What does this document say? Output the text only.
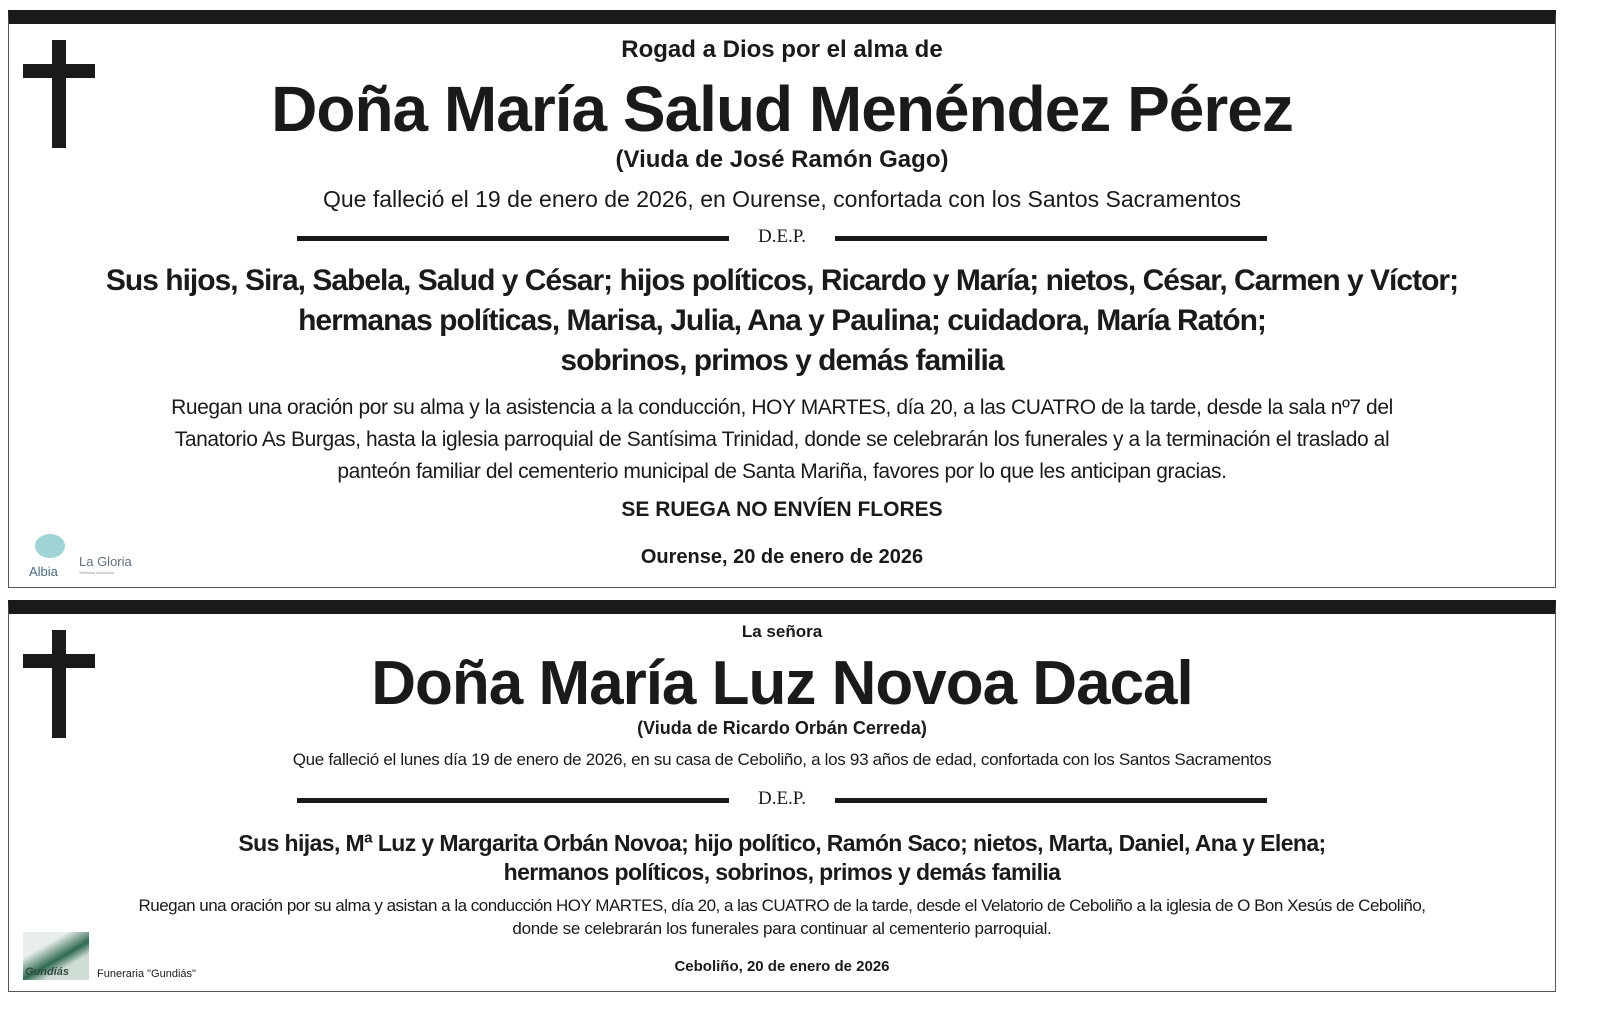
Rogad a Dios por el alma de
Doña María Salud Menéndez Pérez
(Viuda de José Ramón Gago)
Que falleció el 19 de enero de 2026, en Ourense, confortada con los Santos Sacramentos
D.E.P.
Sus hijos, Sira, Sabela, Salud y César; hijos políticos, Ricardo y María; nietos, César, Carmen y Víctor;
hermanas políticas, Marisa, Julia, Ana y Paulina; cuidadora, María Ratón;
sobrinos, primos y demás familia
Ruegan una oración por su alma y la asistencia a la conducción, HOY MARTES, día 20, a las CUATRO de la tarde, desde la sala nº7 del
Tanatorio As Burgas, hasta la iglesia parroquial de Santísima Trinidad, donde se celebrarán los funerales y a la terminación el traslado al
panteón familiar del cementerio municipal de Santa Mariña, favores por lo que les anticipan gracias.
SE RUEGA NO ENVÍEN FLORES
Ourense, 20 de enero de 2026
Albia
La Gloria
Servicios funerarios
La señora
Doña María Luz Novoa Dacal
(Viuda de Ricardo Orbán Cerreda)
Que falleció el lunes día 19 de enero de 2026, en su casa de Ceboliño, a los 93 años de edad, confortada con los Santos Sacramentos
D.E.P.
Sus hijas, Mª Luz y Margarita Orbán Novoa; hijo político, Ramón Saco; nietos, Marta, Daniel, Ana y Elena;
hermanos políticos, sobrinos, primos y demás familia
Ruegan una oración por su alma y asistan a la conducción HOY MARTES, día 20, a las CUATRO de la tarde, desde el Velatorio de Ceboliño a la iglesia de O Bon Xesús de Ceboliño,
donde se celebrarán los funerales para continuar al cementerio parroquial.
Ceboliño, 20 de enero de 2026
Gundiás	Funeraria "Gundiás"
